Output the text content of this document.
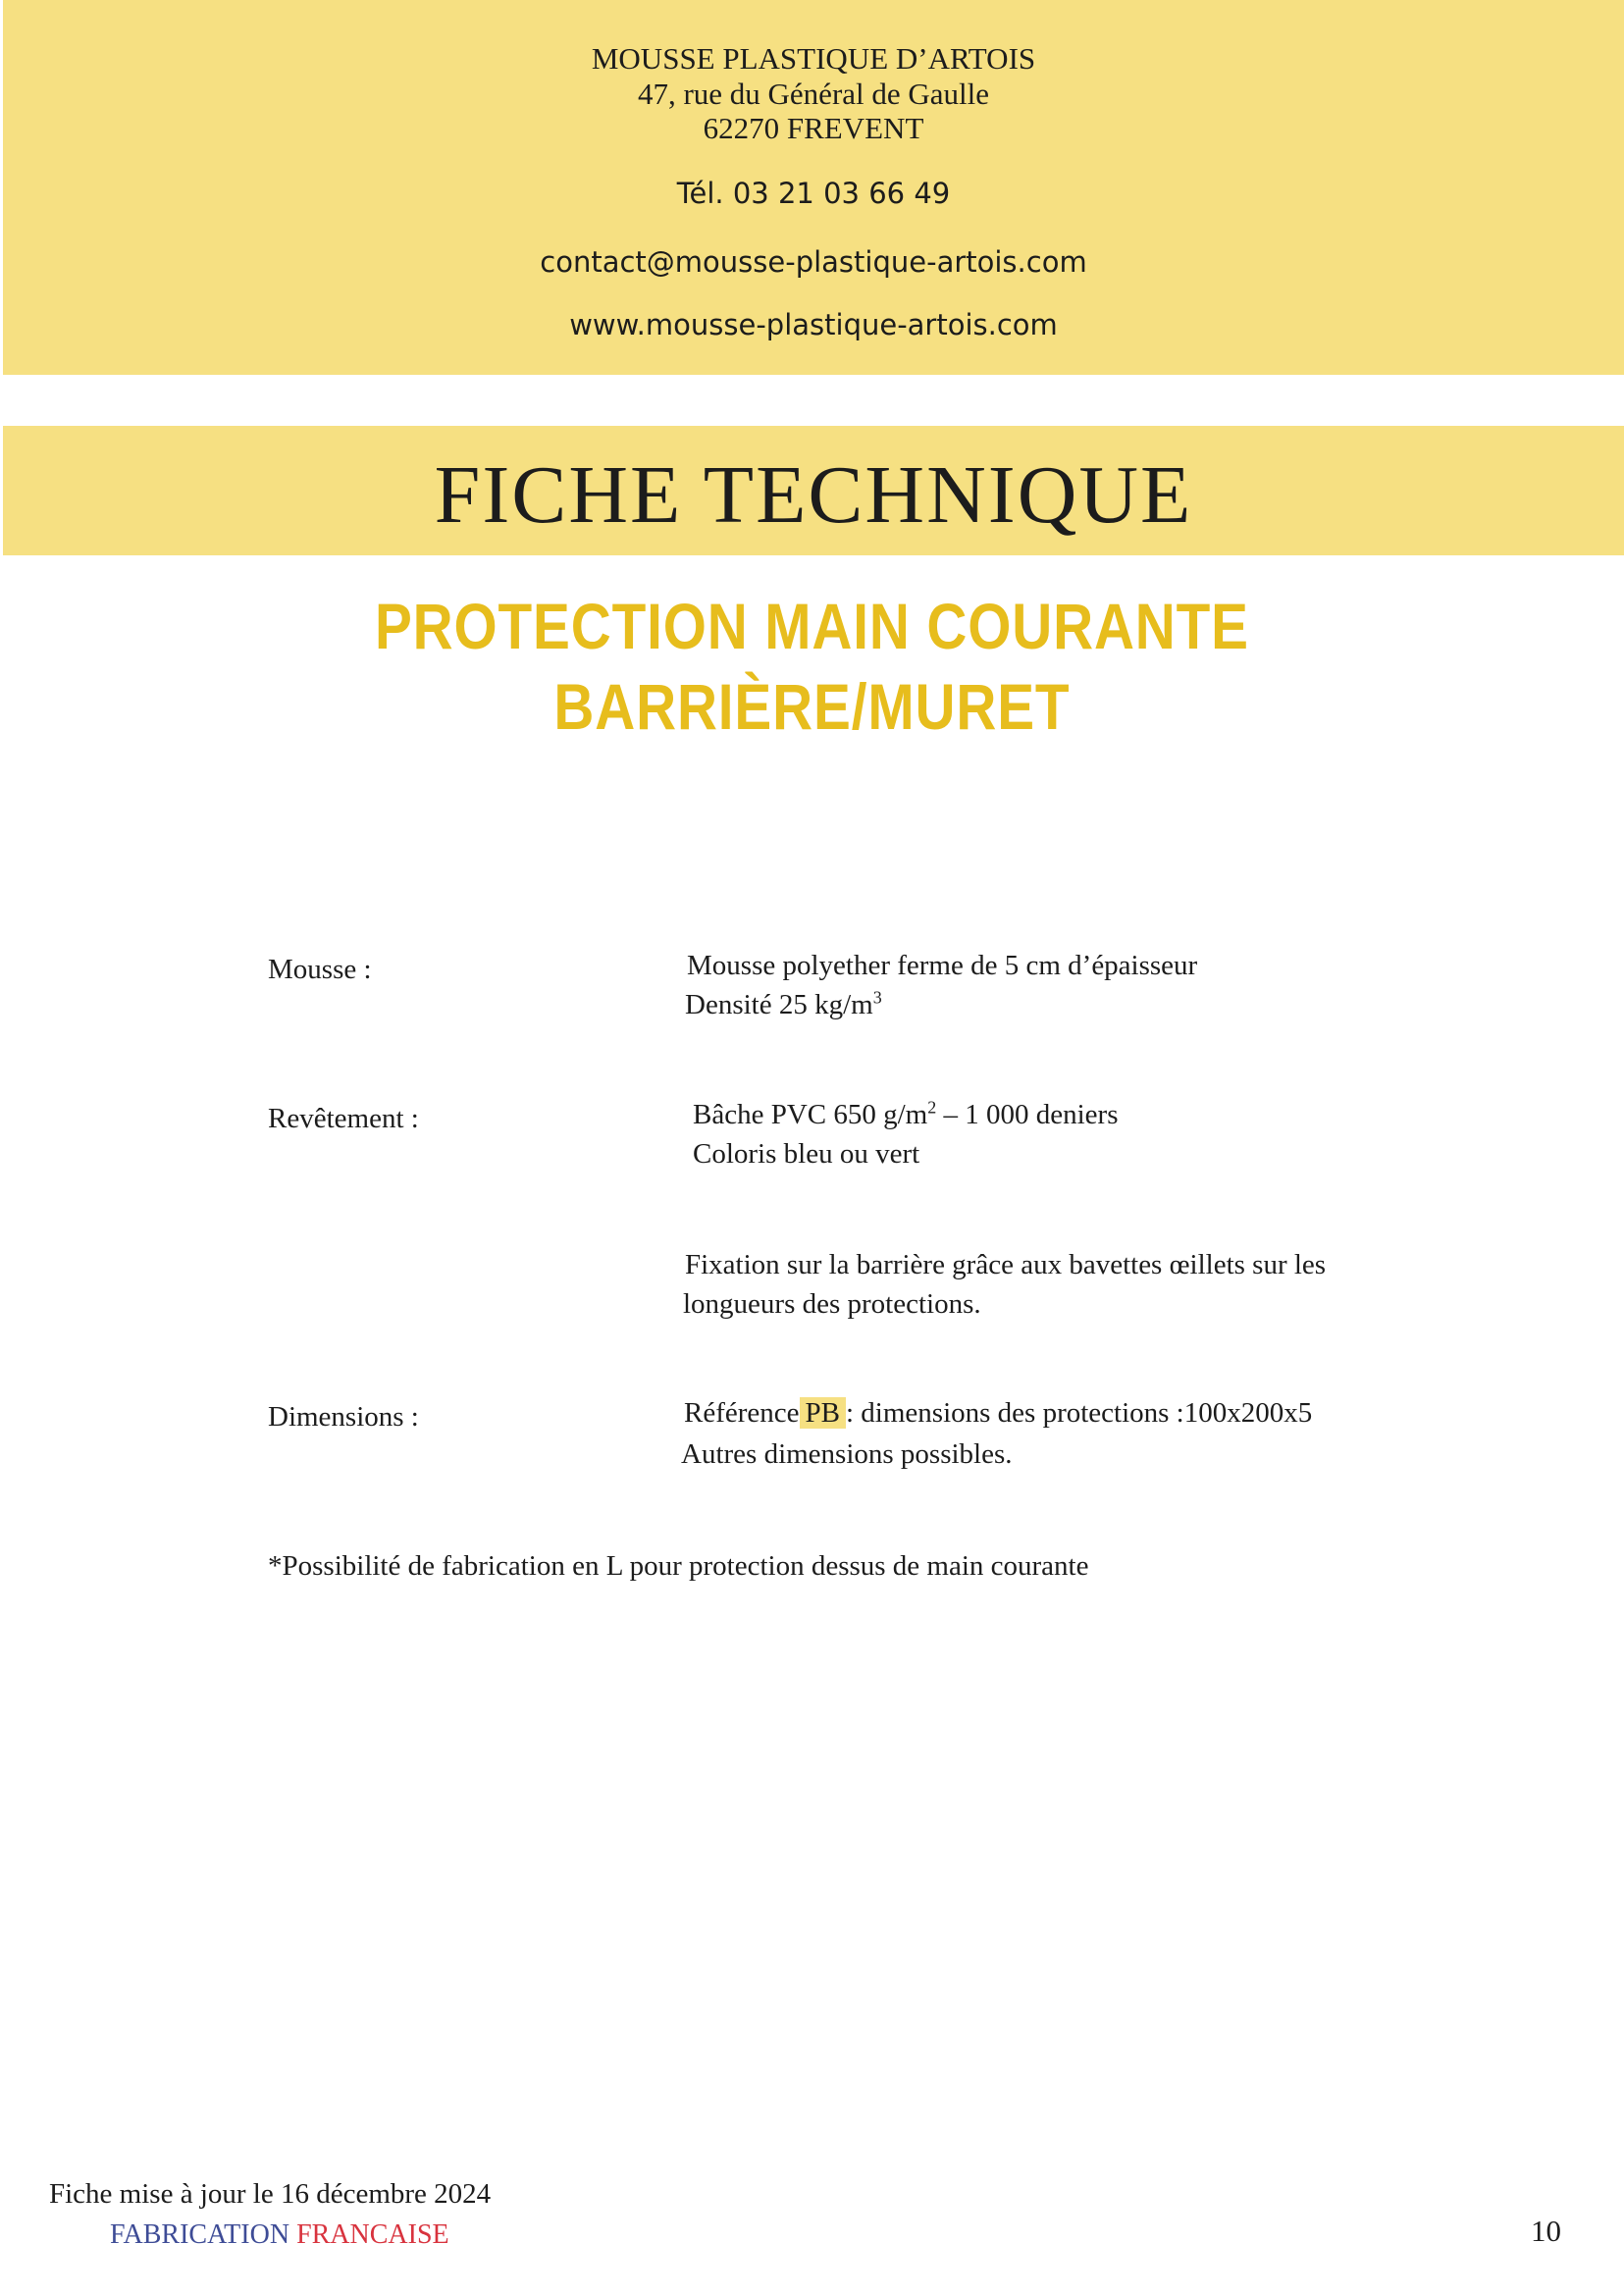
MOUSSE PLASTIQUE D’ARTOIS
47, rue du Général de Gaulle
62270 FREVENT
Tél. 03 21 03 66 49
contact@mousse-plastique-artois.com
www.mousse-plastique-artois.com
FICHE TECHNIQUE
PROTECTION MAIN COURANTE
BARRIÈRE/MURET
Mousse :	Mousse polyether ferme de 5 cm d’épaisseur
Densité 25 $kg/m^3$
Revêtement :	Bâche PVC 650 $g/m^2 - 1$ 000 deniers
Coloris bleu ou vert
Fixation sur la barrière grâce aux bavettes œillets sur les
longueurs des protections.
Dimensions :	Référence PB : dimensions des protections :100x200x5
Autres dimensions possibles.
*Possibilité de fabrication en L pour protection dessus de main courante
Fiche mise à jour le 16 décembre 2024
FABRICATION FRANCAISE	10
